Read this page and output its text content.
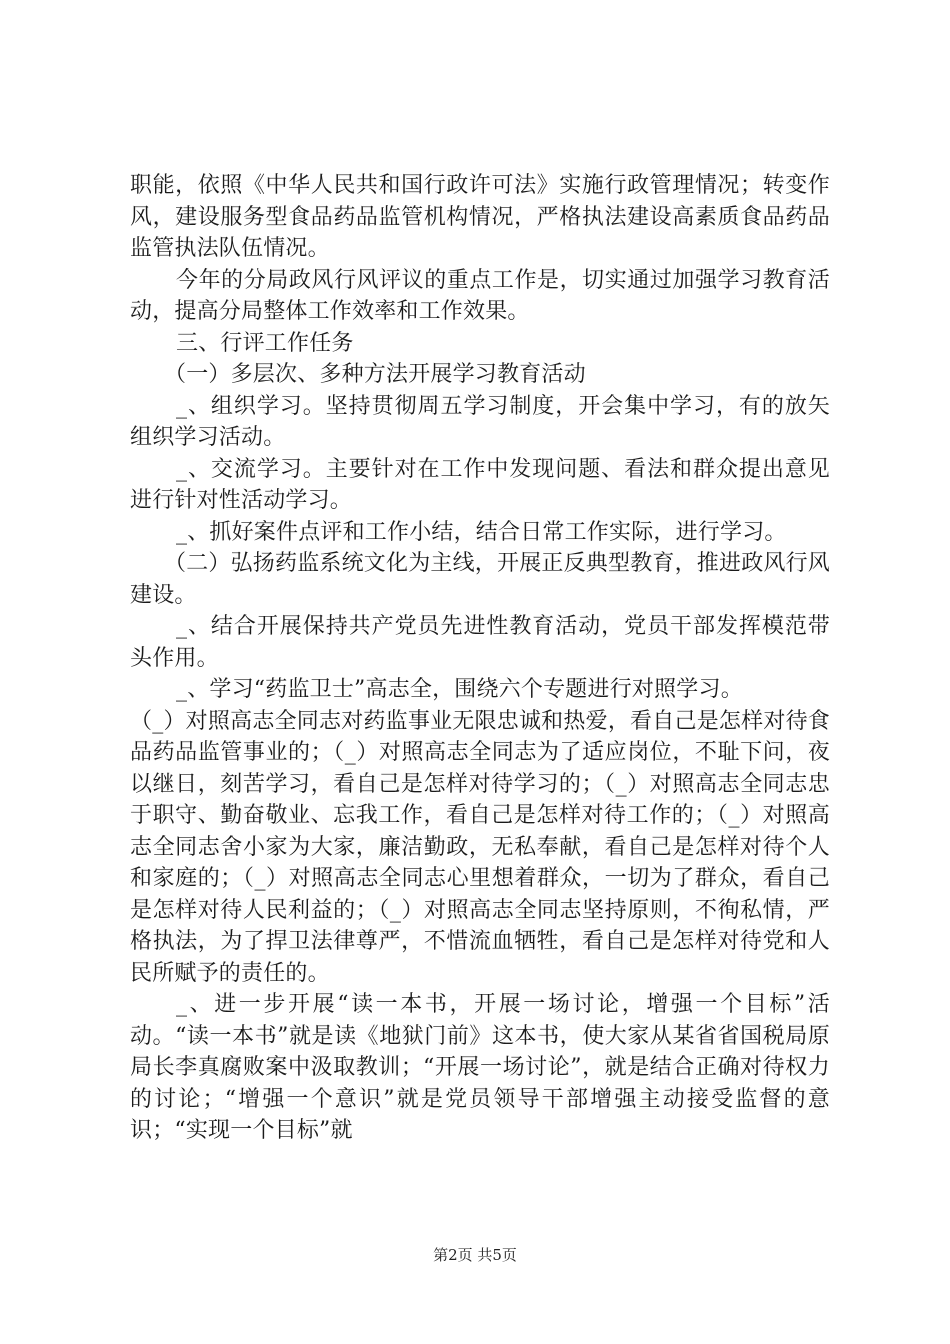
职能，依照《中华人民共和国行政许可法》实施行政管理情况；转变作风，建设服务型食品药品监管机构情况，严格执法建设高素质食品药品监管执法队伍情况。

今年的分局政风行风评议的重点工作是，切实通过加强学习教育活动，提高分局整体工作效率和工作效果。

三、行评工作任务

（一）多层次、多种方法开展学习教育活动

_、组织学习。坚持贯彻周五学习制度，开会集中学习，有的放矢组织学习活动。

_、交流学习。主要针对在工作中发现问题、看法和群众提出意见进行针对性活动学习。

_、抓好案件点评和工作小结，结合日常工作实际，进行学习。

（二）弘扬药监系统文化为主线，开展正反典型教育，推进政风行风建设。

_、结合开展保持共产党员先进性教育活动，党员干部发挥模范带头作用。

_、学习“药监卫士”高志全，围绕六个专题进行对照学习。

（_）对照高志全同志对药监事业无限忠诚和热爱，看自己是怎样对待食品药品监管事业的；（_）对照高志全同志为了适应岗位，不耻下问，夜以继日，刻苦学习，看自己是怎样对待学习的；（_）对照高志全同志忠于职守、勤奋敬业、忘我工作，看自己是怎样对待工作的；（_）对照高志全同志舍小家为大家，廉洁勤政，无私奉献，看自己是怎样对待个人和家庭的；（_）对照高志全同志心里想着群众，一切为了群众，看自己是怎样对待人民利益的；（_）对照高志全同志坚持原则，不徇私情，严格执法，为了捍卫法律尊严，不惜流血牺牲，看自己是怎样对待党和人民所赋予的责任的。

_、进一步开展“读一本书，开展一场讨论，增强一个目标”活动。“读一本书”就是读《地狱门前》这本书，使大家从某省省国税局原局长李真腐败案中汲取教训；“开展一场讨论”，就是结合正确对待权力的讨论；“增强一个意识”就是党员领导干部增强主动接受监督的意识；“实现一个目标”就

第2页 共5页
